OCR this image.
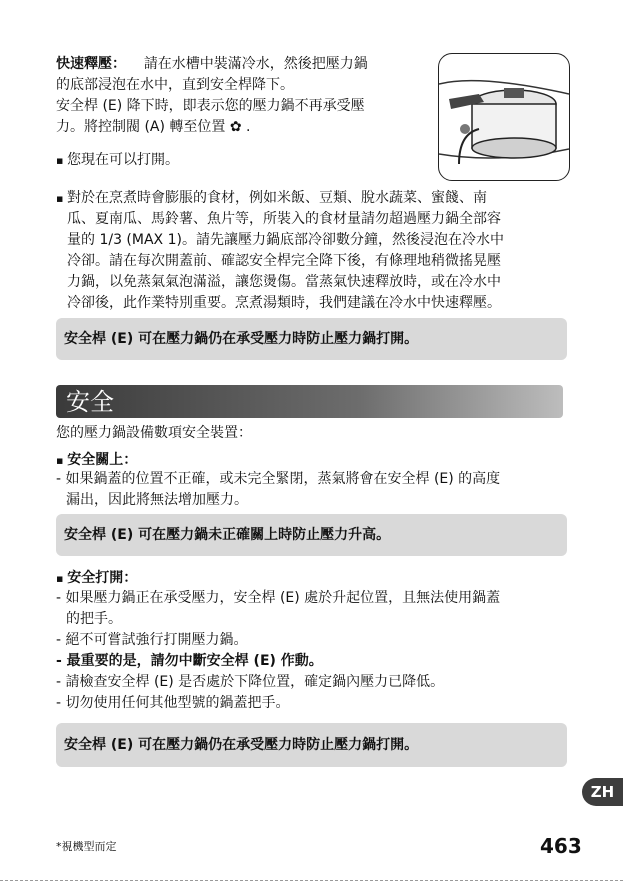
快速釋壓： 請在水槽中裝滿冷水，然後把壓力鍋
的底部浸泡在水中，直到安全桿降下。
安全桿 (E) 降下時，即表示您的壓力鍋不再承受壓
力。將控制閥 (A) 轉至位置 ✿ .
▪ 您現在可以打開。
▪ 對於在烹煮時會膨脹的食材，例如米飯、豆類、脫水蔬菜、蜜餞、南
瓜、夏南瓜、馬鈴薯、魚片等，所裝入的食材量請勿超過壓力鍋全部容
量的 1/3 (MAX 1)。請先讓壓力鍋底部冷卻數分鐘，然後浸泡在冷水中
冷卻。請在每次開蓋前、確認安全桿完全降下後，有條理地稍微搖晃壓
力鍋，以免蒸氣氣泡滿溢，讓您燙傷。當蒸氣快速釋放時，或在冷水中
冷卻後，此作業特別重要。烹煮湯類時，我們建議在冷水中快速釋壓。
安全桿 (E) 可在壓力鍋仍在承受壓力時防止壓力鍋打開。
安全
您的壓力鍋設備數項安全裝置：
▪ 安全關上：
- 如果鍋蓋的位置不正確，或未完全緊閉，蒸氣將會在安全桿 (E) 的高度
漏出，因此將無法增加壓力。
安全桿 (E) 可在壓力鍋未正確關上時防止壓力升高。
▪ 安全打開：
- 如果壓力鍋正在承受壓力，安全桿 (E) 處於升起位置，且無法使用鍋蓋
的把手。
- 絕不可嘗試強行打開壓力鍋。
- 最重要的是，請勿中斷安全桿 (E) 作動。
- 請檢查安全桿 (E) 是否處於下降位置，確定鍋內壓力已降低。
- 切勿使用任何其他型號的鍋蓋把手。
安全桿 (E) 可在壓力鍋仍在承受壓力時防止壓力鍋打開。
ZH
*視機型而定	463
